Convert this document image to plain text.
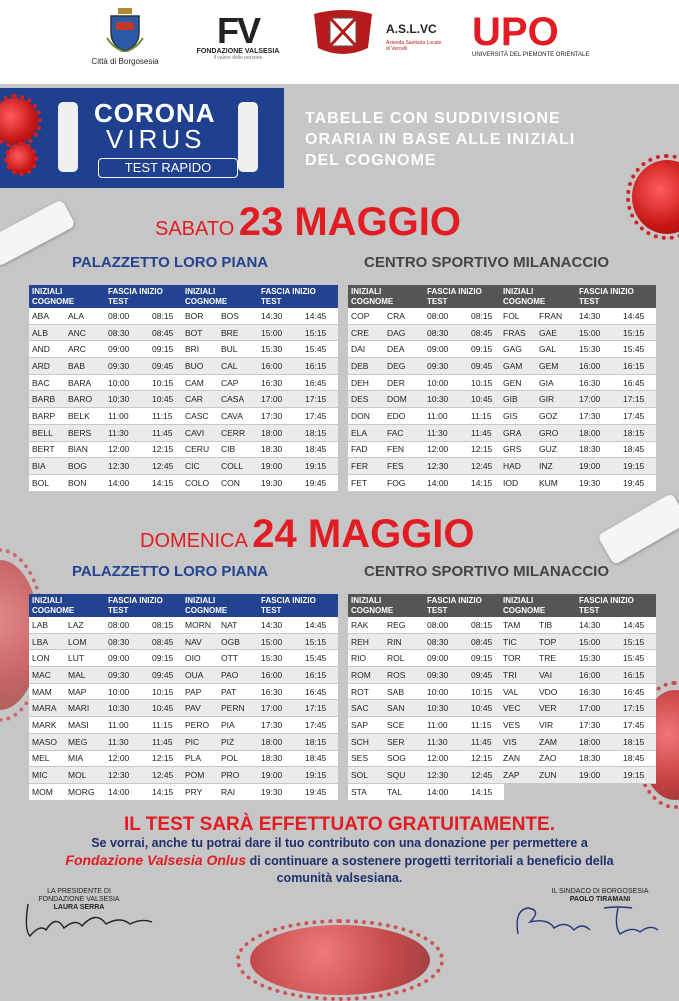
Città di Borgosesia
FV
FONDAZIONE VALSESIA
il valore delle persone
A.S.L.VC
Azienda Sanitaria Locale di Vercelli	UPO
UNIVERSITÀ DEL PIEMONTE ORIENTALE
CORONA
VIRUS
TEST RAPIDO
TABELLE CON SUDDIVISIONE ORARIA IN BASE ALLE INIZIALI DEL COGNOME
SABATO 23 MAGGIO
PALAZZETTO LORO PIANA	CENTRO SPORTIVO MILANACCIO
DOMENICA 24 MAGGIO
PALAZZETTO LORO PIANA	CENTRO SPORTIVO MILANACCIO
INIZIALI COGNOME		FASCIA INIZIO TEST	
ABA	ALA	08:00	08:15
ALB	ANC	08:30	08:45
AND	ARC	09:00	09:15
ARD	BAB	09:30	09:45
BAC	BARA	10:00	10:15
BARB	BARO	10:30	10:45
BARP	BELK	11:00	11:15
BELL	BERS	11:30	11:45
BERT	BIAN	12:00	12:15
BIA	BOG	12:30	12:45
BOL	BON	14:00	14:15
INIZIALI COGNOME		FASCIA INIZIO TEST	
BOR	BOS	14:30	14:45
BOT	BRE	15:00	15:15
BRI	BUL	15:30	15:45
BUO	CAL	16:00	16:15
CAM	CAP	16:30	16:45
CAR	CASA	17:00	17:15
CASC	CAVA	17:30	17:45
CAVI	CERR	18:00	18:15
CERU	CIB	18:30	18:45
CIC	COLL	19:00	19:15
COLO	CON	19:30	19:45
INIZIALI COGNOME		FASCIA INIZIO TEST	
COP	CRA	08:00	08:15
CRE	DAG	08:30	08:45
DAI	DEA	09:00	09:15
DEB	DEG	09:30	09:45
DEH	DER	10:00	10:15
DES	DOM	10:30	10:45
DON	EDO	11:00	11:15
ELA	FAC	11:30	11:45
FAD	FEN	12:00	12:15
FER	FES	12:30	12:45
FET	FOG	14:00	14:15
INIZIALI COGNOME		FASCIA INIZIO TEST	
FOL	FRAN	14:30	14:45
FRAS	GAE	15:00	15:15
GAG	GAL	15:30	15:45
GAM	GEM	16:00	16:15
GEN	GIA	16:30	16:45
GIB	GIR	17:00	17:15
GIS	GOZ	17:30	17:45
GRA	GRO	18:00	18:15
GRS	GUZ	18:30	18:45
HAD	INZ	19:00	19:15
IOD	KUM	19:30	19:45
INIZIALI COGNOME		FASCIA INIZIO TEST	
LAB	LAZ	08:00	08:15
LBA	LOM	08:30	08:45
LON	LUT	09:00	09:15
MAC	MAL	09:30	09:45
MAM	MAP	10:00	10:15
MARA	MARI	10:30	10:45
MARK	MASI	11:00	11:15
MASO	MEG	11:30	11:45
MEL	MIA	12:00	12:15
MIC	MOL	12:30	12:45
MOM	MORG	14:00	14:15
INIZIALI COGNOME		FASCIA INIZIO TEST	
MORN	NAT	14:30	14:45
NAV	OGB	15:00	15:15
OIO	OTT	15:30	15:45
OUA	PAO	16:00	16:15
PAP	PAT	16:30	16:45
PAV	PERN	17:00	17:15
PERO	PIA	17:30	17:45
PIC	PIZ	18:00	18:15
PLA	POL	18:30	18:45
POM	PRO	19:00	19:15
PRY	RAI	19:30	19:45
INIZIALI COGNOME		FASCIA INIZIO TEST	
RAK	REG	08:00	08:15
REH	RIN	08:30	08:45
RIO	ROL	09:00	09:15
ROM	ROS	09:30	09:45
ROT	SAB	10:00	10:15
SAC	SAN	10:30	10:45
SAP	SCE	11:00	11:15
SCH	SER	11:30	11:45
SES	SOG	12:00	12:15
SOL	SQU	12:30	12:45
STA	TAL	14:00	14:15
INIZIALI COGNOME		FASCIA INIZIO TEST	
TAM	TIB	14:30	14:45
TIC	TOP	15:00	15:15
TOR	TRE	15:30	15:45
TRI	VAI	16:00	16:15
VAL	VDO	16:30	16:45
VEC	VER	17:00	17:15
VES	VIR	17:30	17:45
VIS	ZAM	18:00	18:15
ZAN	ZAO	18:30	18:45
ZAP	ZUN	19:00	19:15
IL TEST SARÀ EFFETTUATO GRATUITAMENTE.
Se vorrai, anche tu potrai dare il tuo contributo con una donazione per permettere a
Fondazione Valsesia Onlus di continuare a sostenere progetti territoriali a beneficio della
comunità valsesiana.
LA PRESIDENTE DI FONDAZIONE VALSESIA
LAURA SERRA
IL SINDACO DI BORGOSESIA
PAOLO TIRAMANI
